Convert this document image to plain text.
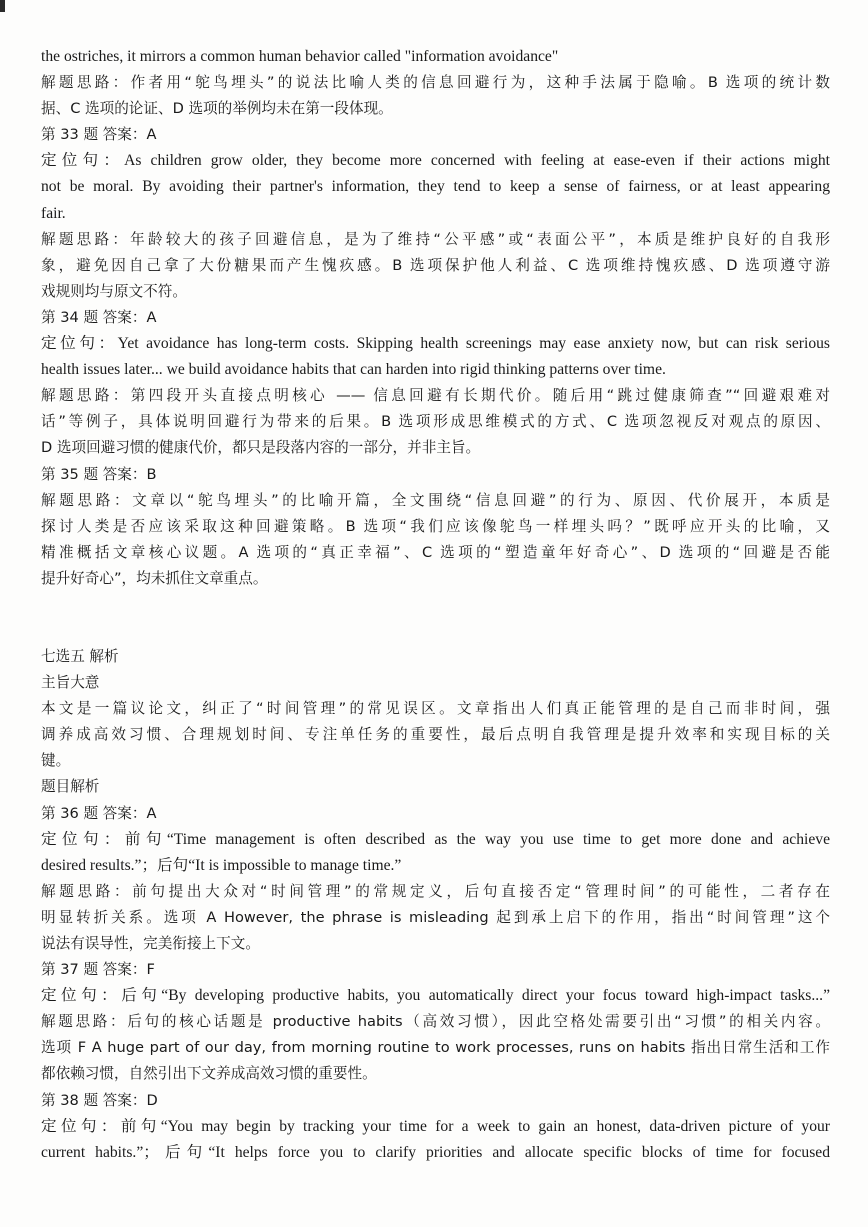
the ostriches, it mirrors a common human behavior called "information avoidance"

解题思路：作者用“鸵鸟埋头”的说法比喻人类的信息回避行为，这种手法属于隐喻。B 选项的统计数

据、C 选项的论证、D 选项的举例均未在第一段体现。

第 33 题 答案：A

定位句：As children grow older, they become more concerned with feeling at ease-even if their actions might

not be moral. By avoiding their partner's information, they tend to keep a sense of fairness, or at least appearing

fair.

解题思路：年龄较大的孩子回避信息，是为了维持“公平感”或“表面公平”，本质是维护良好的自我形

象，避免因自己拿了大份糖果而产生愧疚感。B 选项保护他人利益、C 选项维持愧疚感、D 选项遵守游

戏规则均与原文不符。

第 34 题 答案：A

定位句：Yet avoidance has long-term costs. Skipping health screenings may ease anxiety now, but can risk serious

health issues later... we build avoidance habits that can harden into rigid thinking patterns over time.

解题思路：第四段开头直接点明核心 —— 信息回避有长期代价。随后用“跳过健康筛查”“回避艰难对

话”等例子，具体说明回避行为带来的后果。B 选项形成思维模式的方式、C 选项忽视反对观点的原因、

D 选项回避习惯的健康代价，都只是段落内容的一部分，并非主旨。

第 35 题 答案：B

解题思路：文章以“鸵鸟埋头”的比喻开篇，全文围绕“信息回避”的行为、原因、代价展开，本质是

探讨人类是否应该采取这种回避策略。B 选项“我们应该像鸵鸟一样埋头吗？”既呼应开头的比喻，又

精准概括文章核心议题。A 选项的“真正幸福”、C 选项的“塑造童年好奇心”、D 选项的“回避是否能

提升好奇心”，均未抓住文章重点。

七选五 解析

主旨大意

本文是一篇议论文，纠正了“时间管理”的常见误区。文章指出人们真正能管理的是自己而非时间，强

调养成高效习惯、合理规划时间、专注单任务的重要性，最后点明自我管理是提升效率和实现目标的关

键。

题目解析

第 36 题 答案：A

定位句：前句“Time management is often described as the way you use time to get more done and achieve

desired results.”；后句“It is impossible to manage time.”

解题思路：前句提出大众对“时间管理”的常规定义，后句直接否定“管理时间”的可能性，二者存在

明显转折关系。选项 A However, the phrase is misleading 起到承上启下的作用，指出“时间管理”这个

说法有误导性，完美衔接上下文。

第 37 题 答案：F

定位句：后句“By developing productive habits, you automatically direct your focus toward high-impact tasks...”

解题思路：后句的核心话题是 productive habits（高效习惯），因此空格处需要引出“习惯”的相关内容。

选项 F A huge part of our day, from morning routine to work processes, runs on habits 指出日常生活和工作

都依赖习惯，自然引出下文养成高效习惯的重要性。

第 38 题 答案：D

定位句：前句“You may begin by tracking your time for a week to gain an honest, data-driven picture of your

current habits.”；后句“It helps force you to clarify priorities and allocate specific blocks of time for focused
